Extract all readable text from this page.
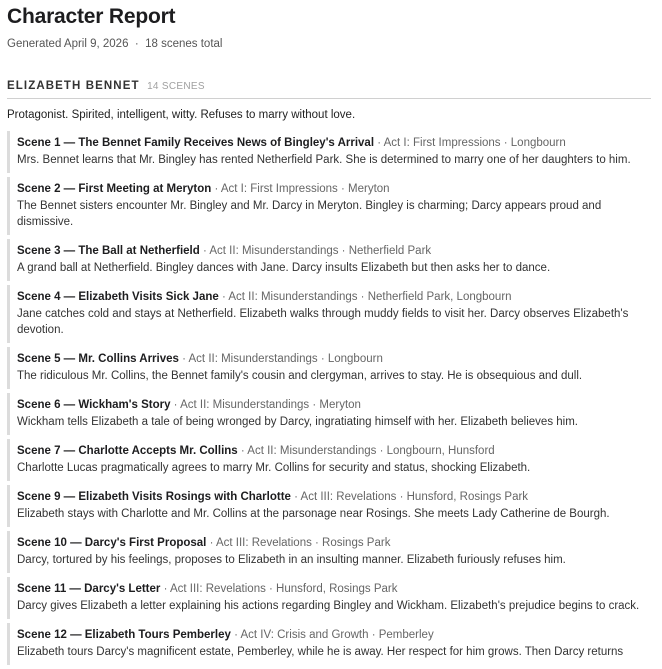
Character Report
Generated April 9, 2026 · 18 scenes total
ELIZABETH BENNET 14 SCENES
Protagonist. Spirited, intelligent, witty. Refuses to marry without love.
Scene 1 — The Bennet Family Receives News of Bingley's Arrival · Act I: First Impressions · Longbourn
Mrs. Bennet learns that Mr. Bingley has rented Netherfield Park. She is determined to marry one of her daughters to him.
Scene 2 — First Meeting at Meryton · Act I: First Impressions · Meryton
The Bennet sisters encounter Mr. Bingley and Mr. Darcy in Meryton. Bingley is charming; Darcy appears proud and dismissive.
Scene 3 — The Ball at Netherfield · Act II: Misunderstandings · Netherfield Park
A grand ball at Netherfield. Bingley dances with Jane. Darcy insults Elizabeth but then asks her to dance.
Scene 4 — Elizabeth Visits Sick Jane · Act II: Misunderstandings · Netherfield Park, Longbourn
Jane catches cold and stays at Netherfield. Elizabeth walks through muddy fields to visit her. Darcy observes Elizabeth's devotion.
Scene 5 — Mr. Collins Arrives · Act II: Misunderstandings · Longbourn
The ridiculous Mr. Collins, the Bennet family's cousin and clergyman, arrives to stay. He is obsequious and dull.
Scene 6 — Wickham's Story · Act II: Misunderstandings · Meryton
Wickham tells Elizabeth a tale of being wronged by Darcy, ingratiating himself with her. Elizabeth believes him.
Scene 7 — Charlotte Accepts Mr. Collins · Act II: Misunderstandings · Longbourn, Hunsford
Charlotte Lucas pragmatically agrees to marry Mr. Collins for security and status, shocking Elizabeth.
Scene 9 — Elizabeth Visits Rosings with Charlotte · Act III: Revelations · Hunsford, Rosings Park
Elizabeth stays with Charlotte and Mr. Collins at the parsonage near Rosings. She meets Lady Catherine de Bourgh.
Scene 10 — Darcy's First Proposal · Act III: Revelations · Rosings Park
Darcy, tortured by his feelings, proposes to Elizabeth in an insulting manner. Elizabeth furiously refuses him.
Scene 11 — Darcy's Letter · Act III: Revelations · Hunsford, Rosings Park
Darcy gives Elizabeth a letter explaining his actions regarding Bingley and Wickham. Elizabeth's prejudice begins to crack.
Scene 12 — Elizabeth Tours Pemberley · Act IV: Crisis and Growth · Pemberley
Elizabeth tours Darcy's magnificent estate, Pemberley, while he is away. Her respect for him grows. Then Darcy returns
